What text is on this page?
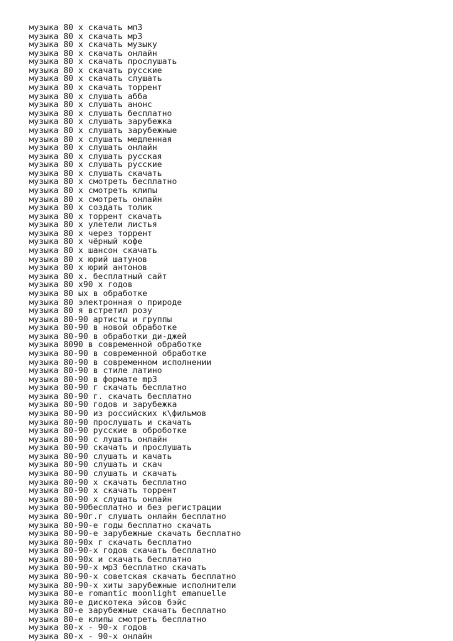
музыка 80 х скачать мп3
музыка 80 х скачать мр3
музыка 80 х скачать музыку
музыка 80 х скачать онлайн
музыка 80 х скачать прослушать
музыка 80 х скачать русские
музыка 80 х скачать слушать
музыка 80 х скачать торрент
музыка 80 х слушать абба
музыка 80 х слушать анонс
музыка 80 х слушать бесплатно
музыка 80 х слушать зарубежка
музыка 80 х слушать зарубежные
музыка 80 х слушать медленная
музыка 80 х слушать онлайн
музыка 80 х слушать русская
музыка 80 х слушать русские
музыка 80 х слушать скачать
музыка 80 х смотреть бесплатно
музыка 80 х смотреть клипы
музыка 80 х смотреть онлайн
музыка 80 х создать толик
музыка 80 х торрент скачать
музыка 80 х улетели листья
музыка 80 х через торрент
музыка 80 х чёрный кофе
музыка 80 х шансон скачать
музыка 80 х юрий шатунов
музыка 80 х юрий антонов
музыка 80 х. бесплатный сайт
музыка 80 х90 х годов
музыка 80 ых в обработке
музыка 80 электронная о природе
музыка 80 я встретил розу
музыка 80-90 артисты и группы
музыка 80-90 в новой обработке
музыка 80-90 в обработки ди-джей
музыка 8090 в современной обработке
музыка 80-90 в современной обработке
музыка 80-90 в современном исполнении
музыка 80-90 в стиле латино
музыка 80-90 в формате mp3
музыка 80-90 г скачать бесплатно
музыка 80-90 г. скачать бесплатно
музыка 80-90 годов и зарубежка
музыка 80-90 из российских к\фильмов
музыка 80-90 прослушать и скачать
музыка 80-90 русские в оброботке
музыка 80-90 с лушать онлайн
музыка 80-90 скачать и прослушать
музыка 80-90 слушать и качать
музыка 80-90 слушать и скач
музыка 80-90 слушать и скачать
музыка 80-90 х скачать бесплатно
музыка 80-90 х скачать торрент
музыка 80-90 х слушать онлайн
музыка 80-90бесплатно и без регистрации
музыка 80-90г.г слушать онлайн бесплатно
музыка 80-90-е годы бесплатно скачать
музыка 80-90-е зарубежные скачать бесплатно
музыка 80-90х г скачать бесплатно
музыка 80-90-х годов скачать бесплатно
музыка 80-90х и скачать бесплатно
музыка 80-90-х мр3 бесплатно скачать
музыка 80-90-х советская скачать бесплатно
музыка 80-90-х хиты зарубежные исполнители
музыка 80-е romantic moonlight emanuelle
музыка 80-е дискотека эйсов бэйс
музыка 80-е зарубежные скачать бесплатно
музыка 80-е клипы смотреть бесплатно
музыка 80-х - 90-х годов
музыка 80-х - 90-х онлайн
